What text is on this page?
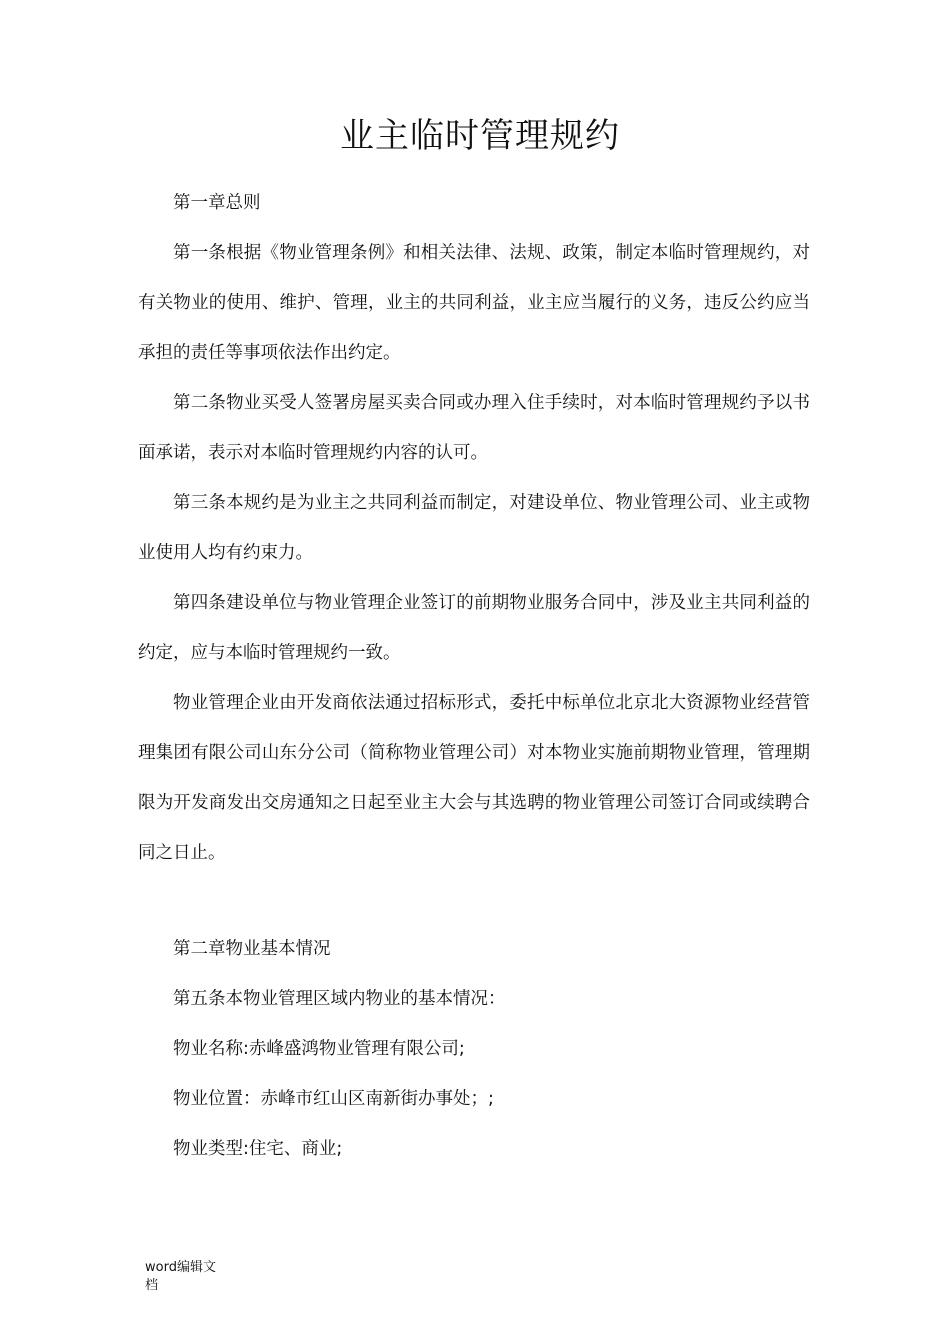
业主临时管理规约

第一章总则

第一条根据《物业管理条例》和相关法律、法规、政策，制定本临时管理规约，对有关物业的使用、维护、管理，业主的共同利益，业主应当履行的义务，违反公约应当承担的责任等事项依法作出约定。

第二条物业买受人签署房屋买卖合同或办理入住手续时，对本临时管理规约予以书面承诺，表示对本临时管理规约内容的认可。

第三条本规约是为业主之共同利益而制定，对建设单位、物业管理公司、业主或物业使用人均有约束力。

第四条建设单位与物业管理企业签订的前期物业服务合同中，涉及业主共同利益的约定，应与本临时管理规约一致。

物业管理企业由开发商依法通过招标形式，委托中标单位北京北大资源物业经营管理集团有限公司山东分公司（简称物业管理公司）对本物业实施前期物业管理，管理期限为开发商发出交房通知之日起至业主大会与其选聘的物业管理公司签订合同或续聘合同之日止。

第二章物业基本情况

第五条本物业管理区域内物业的基本情况：

物业名称:赤峰盛鸿物业管理有限公司;

物业位置：赤峰市红山区南新街办事处；;

物业类型:住宅、商业;

word编辑文档
